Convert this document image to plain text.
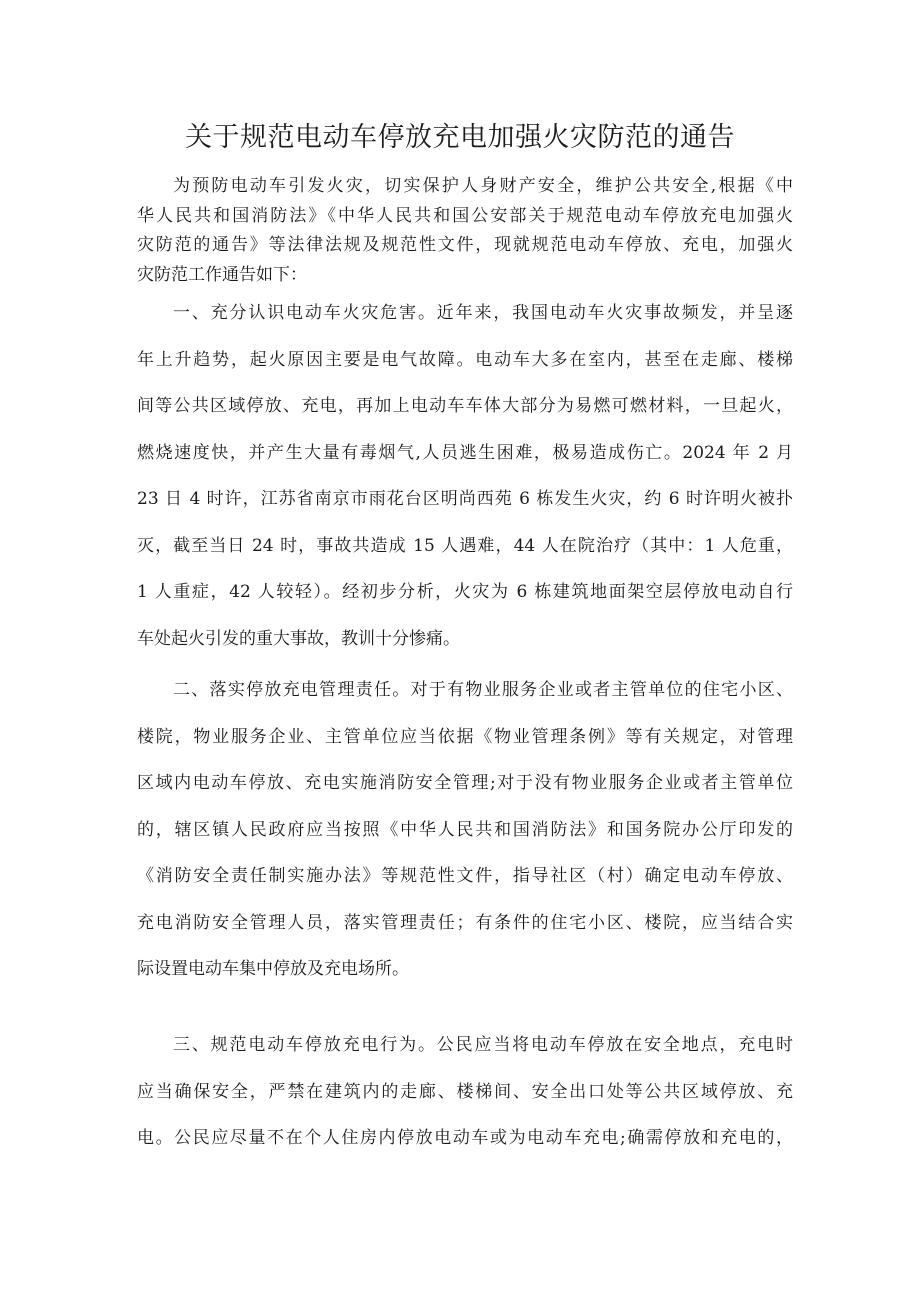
关于规范电动车停放充电加强火灾防范的通告
为预防电动车引发火灾，切实保护人身财产安全，维护公共安全,根据《中
华人民共和国消防法》《中华人民共和国公安部关于规范电动车停放充电加强火
灾防范的通告》等法律法规及规范性文件，现就规范电动车停放、充电，加强火
灾防范工作通告如下：
一、充分认识电动车火灾危害。近年来，我国电动车火灾事故频发，并呈逐
年上升趋势，起火原因主要是电气故障。电动车大多在室内，甚至在走廊、楼梯
间等公共区域停放、充电，再加上电动车车体大部分为易燃可燃材料，一旦起火，
燃烧速度快，并产生大量有毒烟气,人员逃生困难，极易造成伤亡。2024 年 2 月
23 日 4 时许，江苏省南京市雨花台区明尚西苑 6 栋发生火灾，约 6 时许明火被扑
灭，截至当日 24 时，事故共造成 15 人遇难，44 人在院治疗（其中：1 人危重，
1 人重症，42 人较轻）。经初步分析，火灾为 6 栋建筑地面架空层停放电动自行
车处起火引发的重大事故，教训十分惨痛。
二、落实停放充电管理责任。对于有物业服务企业或者主管单位的住宅小区、
楼院，物业服务企业、主管单位应当依据《物业管理条例》等有关规定，对管理
区域内电动车停放、充电实施消防安全管理;对于没有物业服务企业或者主管单位
的，辖区镇人民政府应当按照《中华人民共和国消防法》和国务院办公厅印发的
《消防安全责任制实施办法》等规范性文件，指导社区（村）确定电动车停放、
充电消防安全管理人员，落实管理责任；有条件的住宅小区、楼院，应当结合实
际设置电动车集中停放及充电场所。
三、规范电动车停放充电行为。公民应当将电动车停放在安全地点，充电时
应当确保安全，严禁在建筑内的走廊、楼梯间、安全出口处等公共区域停放、充
电。公民应尽量不在个人住房内停放电动车或为电动车充电;确需停放和充电的，
